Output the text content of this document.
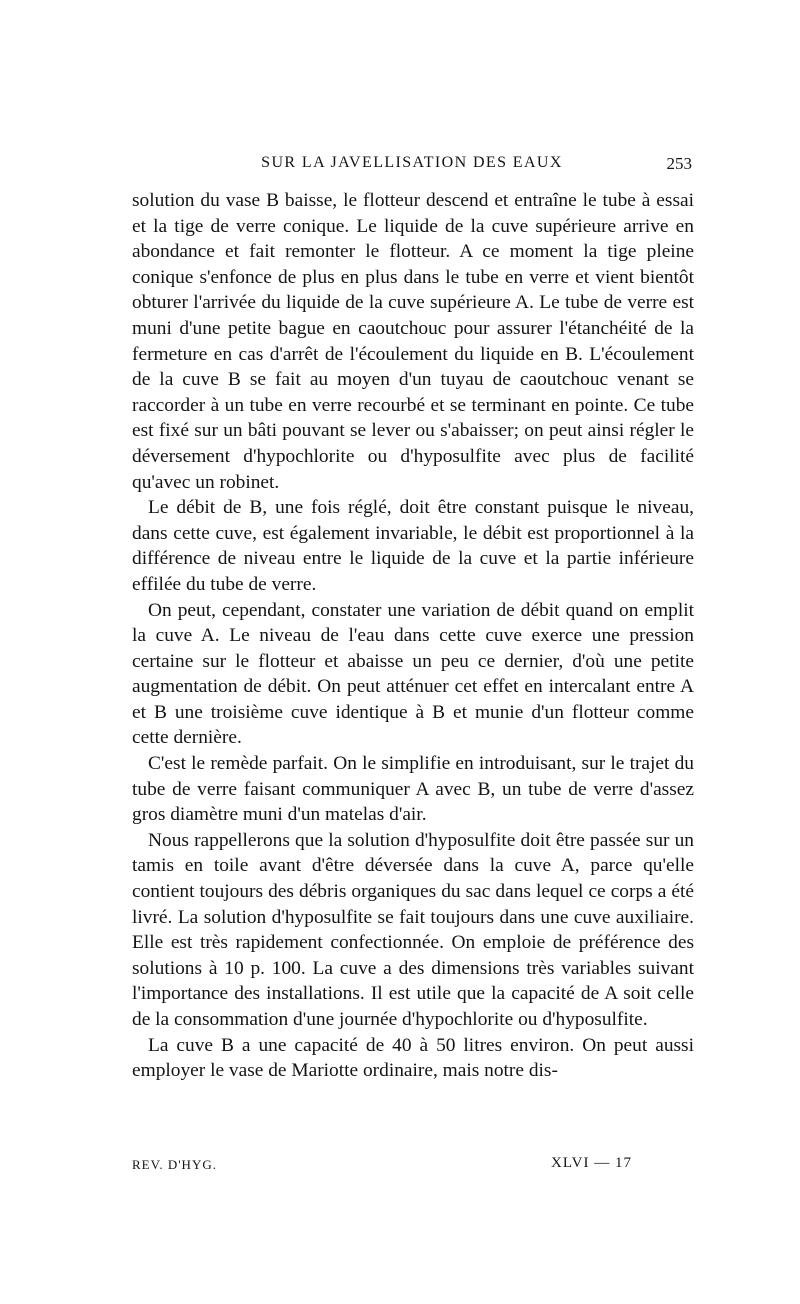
SUR LA JAVELLISATION DES EAUX	253

solution du vase B baisse, le flotteur descend et entraîne le tube à essai et la tige de verre conique. Le liquide de la cuve supérieure arrive en abondance et fait remonter le flotteur. A ce moment la tige pleine conique s'enfonce de plus en plus dans le tube en verre et vient bientôt obturer l'arrivée du liquide de la cuve supérieure A. Le tube de verre est muni d'une petite bague en caoutchouc pour assurer l'étanchéité de la fermeture en cas d'arrêt de l'écoulement du liquide en B. L'écoulement de la cuve B se fait au moyen d'un tuyau de caoutchouc venant se raccorder à un tube en verre recourbé et se terminant en pointe. Ce tube est fixé sur un bâti pouvant se lever ou s'abaisser; on peut ainsi régler le déversement d'hypochlorite ou d'hyposulfite avec plus de facilité qu'avec un robinet.

Le débit de B, une fois réglé, doit être constant puisque le niveau, dans cette cuve, est également invariable, le débit est proportionnel à la différence de niveau entre le liquide de la cuve et la partie inférieure effilée du tube de verre.

On peut, cependant, constater une variation de débit quand on emplit la cuve A. Le niveau de l'eau dans cette cuve exerce une pression certaine sur le flotteur et abaisse un peu ce dernier, d'où une petite augmentation de débit. On peut atténuer cet effet en intercalant entre A et B une troisième cuve identique à B et munie d'un flotteur comme cette dernière.

C'est le remède parfait. On le simplifie en introduisant, sur le trajet du tube de verre faisant communiquer A avec B, un tube de verre d'assez gros diamètre muni d'un matelas d'air.

Nous rappellerons que la solution d'hyposulfite doit être passée sur un tamis en toile avant d'être déversée dans la cuve A, parce qu'elle contient toujours des débris organiques du sac dans lequel ce corps a été livré. La solution d'hyposulfite se fait toujours dans une cuve auxiliaire. Elle est très rapidement confectionnée. On emploie de préférence des solutions à 10 p. 100. La cuve a des dimensions très variables suivant l'importance des installations. Il est utile que la capacité de A soit celle de la consommation d'une journée d'hypochlorite ou d'hyposulfite.

La cuve B a une capacité de 40 à 50 litres environ. On peut aussi employer le vase de Mariotte ordinaire, mais notre dis-

REV. D'HYG.	XLVI — 17
